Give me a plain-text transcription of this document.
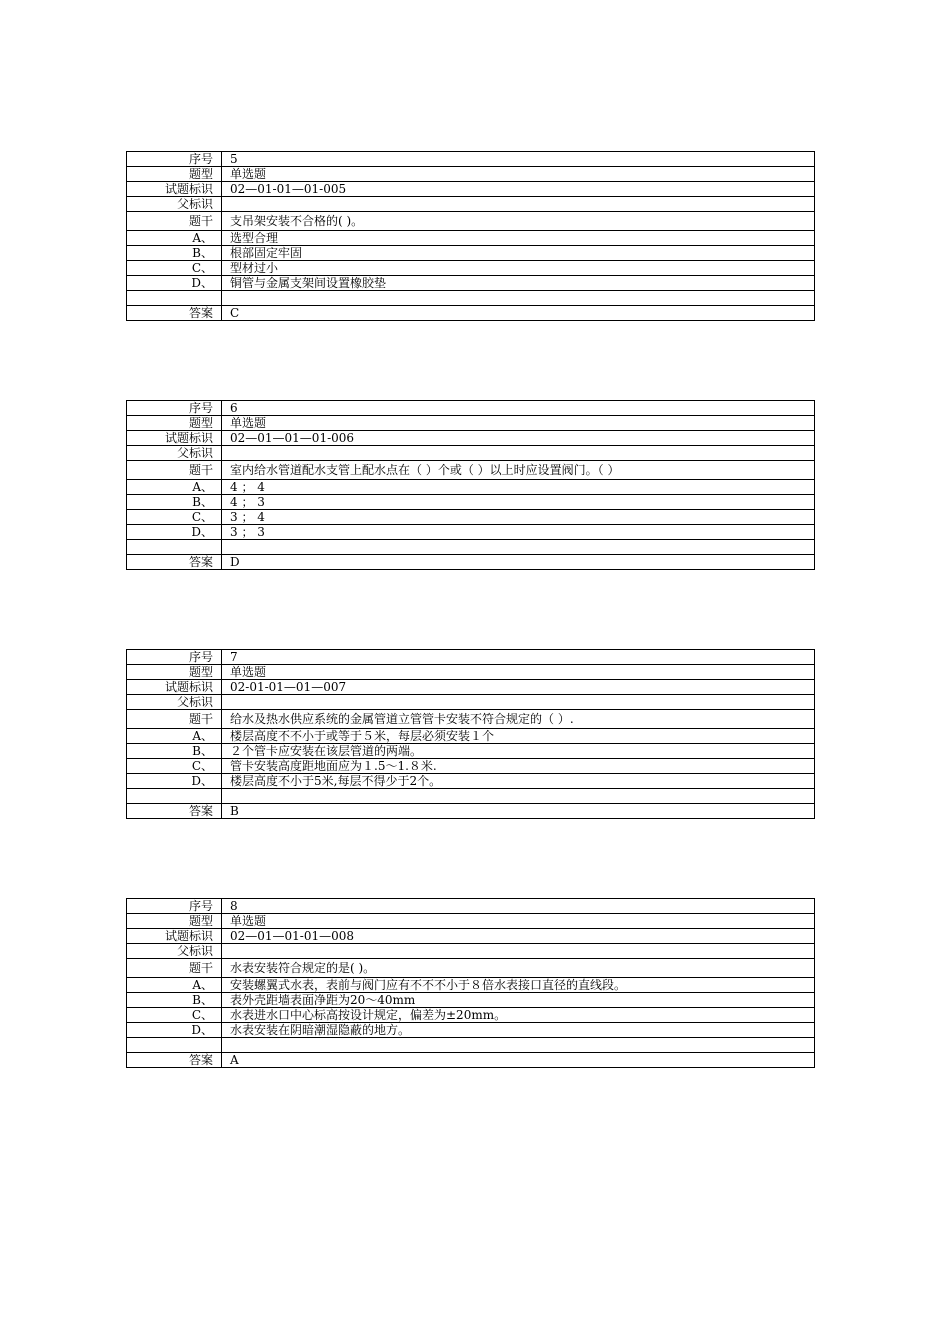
序号	5
题型	单选题
试题标识	02—01-01—01-005
父标识	
题干	支吊架安装不合格的( )。
A、	选型合理
B、	根部固定牢固
C、	型材过小
D、	铜管与金属支架间设置橡胶垫

答案	C
序号	6
题型	单选题
试题标识	02—01—01—01-006
父标识	
题干	室内给水管道配水支管上配水点在（ ）个或（ ）以上时应设置阀门。（ ）
A、	4 ； 4
B、	4 ； 3
C、	3 ； 4
D、	3 ； 3

答案	D
序号	7
题型	单选题
试题标识	02-01-01—01—007
父标识	
题干	给水及热水供应系统的金属管道立管管卡安装不符合规定的（ ）.
A、	楼层高度不不小于或等于５米，每层必须安装１个
B、	２个管卡应安装在该层管道的两端。
C、	管卡安装高度距地面应为１.5～1.８米.
D、	楼层高度不小于5米,每层不得少于2个。

答案	B
序号	8
题型	单选题
试题标识	02—01—01-01—008
父标识	
题干	水表安装符合规定的是( )。
A、	安装螺翼式水表，表前与阀门应有不不不小于８倍水表接口直径的直线段。
B、	表外壳距墙表面净距为20～40mm
C、	水表进水口中心标高按设计规定，偏差为±20mm。
D、	水表安装在阴暗潮湿隐蔽的地方。

答案	A
